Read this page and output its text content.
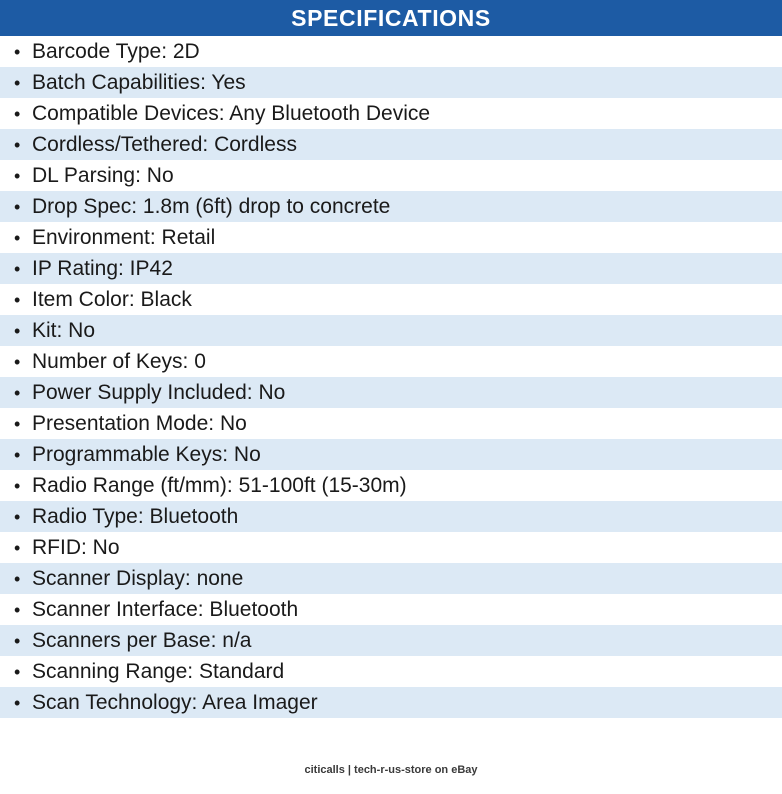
SPECIFICATIONS
• Barcode Type: 2D
• Batch Capabilities: Yes
• Compatible Devices: Any Bluetooth Device
• Cordless/Tethered: Cordless
• DL Parsing: No
• Drop Spec: 1.8m (6ft) drop to concrete
• Environment: Retail
• IP Rating: IP42
• Item Color: Black
• Kit: No
• Number of Keys: 0
• Power Supply Included: No
• Presentation Mode: No
• Programmable Keys: No
• Radio Range (ft/mm): 51-100ft (15-30m)
• Radio Type: Bluetooth
• RFID: No
• Scanner Display: none
• Scanner Interface: Bluetooth
• Scanners per Base: n/a
• Scanning Range: Standard
• Scan Technology: Area Imager
citicalls | tech-r-us-store on eBay
